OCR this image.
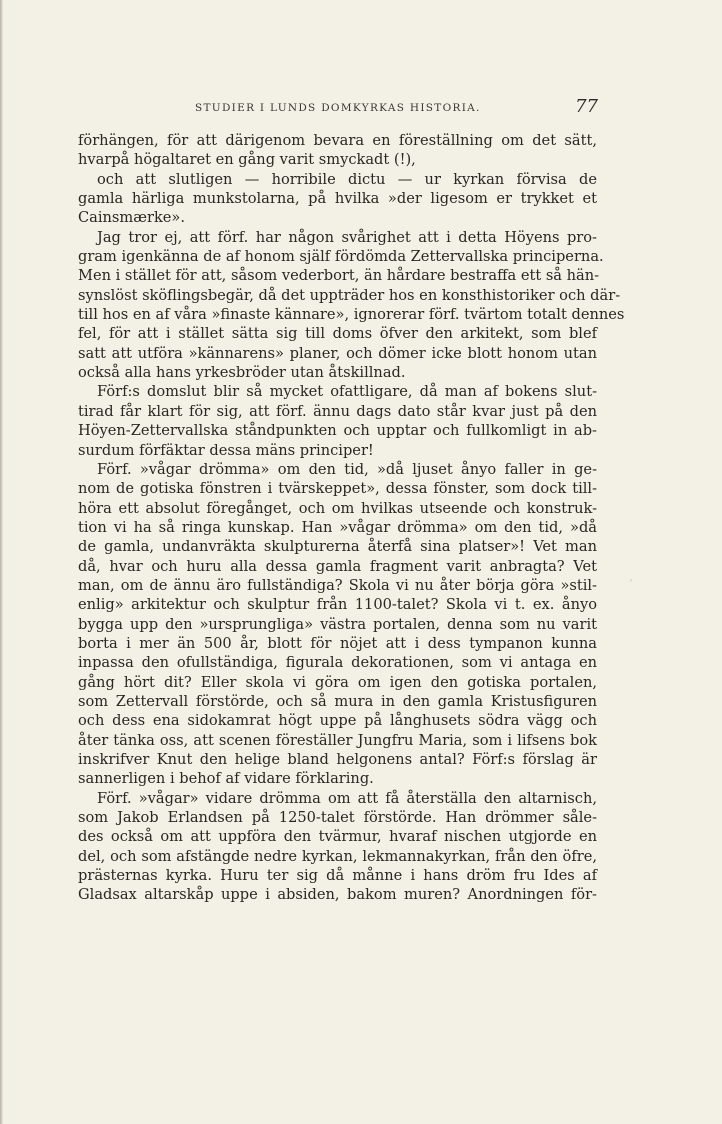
STUDIER I LUNDS DOMKYRKAS HISTORIA.	77
förhängen, för att därigenom bevara en föreställning om det sätt,
hvarpå högaltaret en gång varit smyckadt (!),
och att slutligen — horribile dictu — ur kyrkan förvisa de
gamla härliga munkstolarna, på hvilka »der ligesom er trykket et
Cainsmærke».
Jag tror ej, att förf. har någon svårighet att i detta Höyens pro-
gram igenkänna de af honom själf fördömda Zettervallska principerna.
Men i stället för att, såsom vederbort, än hårdare bestraffa ett så hän-
synslöst sköflingsbegär, då det uppträder hos en konsthistoriker och där-
till hos en af våra »finaste kännare», ignorerar förf. tvärtom totalt dennes
fel, för att i stället sätta sig till doms öfver den arkitekt, som blef
satt att utföra »kännarens» planer, och dömer icke blott honom utan
också alla hans yrkesbröder utan åtskillnad.
Förf:s domslut blir så mycket ofattligare, då man af bokens slut-
tirad får klart för sig, att förf. ännu dags dato står kvar just på den
Höyen-Zettervallska ståndpunkten och upptar och fullkomligt in ab-
surdum förfäktar dessa mäns principer!
Förf. »vågar drömma» om den tid, »då ljuset ånyo faller in ge-
nom de gotiska fönstren i tvärskeppet», dessa fönster, som dock till-
höra ett absolut föregånget, och om hvilkas utseende och konstruk-
tion vi ha så ringa kunskap. Han »vågar drömma» om den tid, »då
de gamla, undanvräkta skulpturerna återfå sina platser»! Vet man
då, hvar och huru alla dessa gamla fragment varit anbragta? Vet
man, om de ännu äro fullständiga? Skola vi nu åter börja göra »stil-
enlig» arkitektur och skulptur från 1100-talet? Skola vi t. ex. ånyo
bygga upp den »ursprungliga» västra portalen, denna som nu varit
borta i mer än 500 år, blott för nöjet att i dess tympanon kunna
inpassa den ofullständiga, figurala dekorationen, som vi antaga en
gång hört dit? Eller skola vi göra om igen den gotiska portalen,
som Zettervall förstörde, och så mura in den gamla Kristusfiguren
och dess ena sidokamrat högt uppe på långhusets södra vägg och
åter tänka oss, att scenen föreställer Jungfru Maria, som i lifsens bok
inskrifver Knut den helige bland helgonens antal? Förf:s förslag är
sannerligen i behof af vidare förklaring.
Förf. »vågar» vidare drömma om att få återställa den altarnisch,
som Jakob Erlandsen på 1250-talet förstörde. Han drömmer såle-
des också om att uppföra den tvärmur, hvaraf nischen utgjorde en
del, och som afstängde nedre kyrkan, lekmannakyrkan, från den öfre,
prästernas kyrka. Huru ter sig då månne i hans dröm fru Ides af
Gladsax altarskåp uppe i absiden, bakom muren? Anordningen för-
◦
